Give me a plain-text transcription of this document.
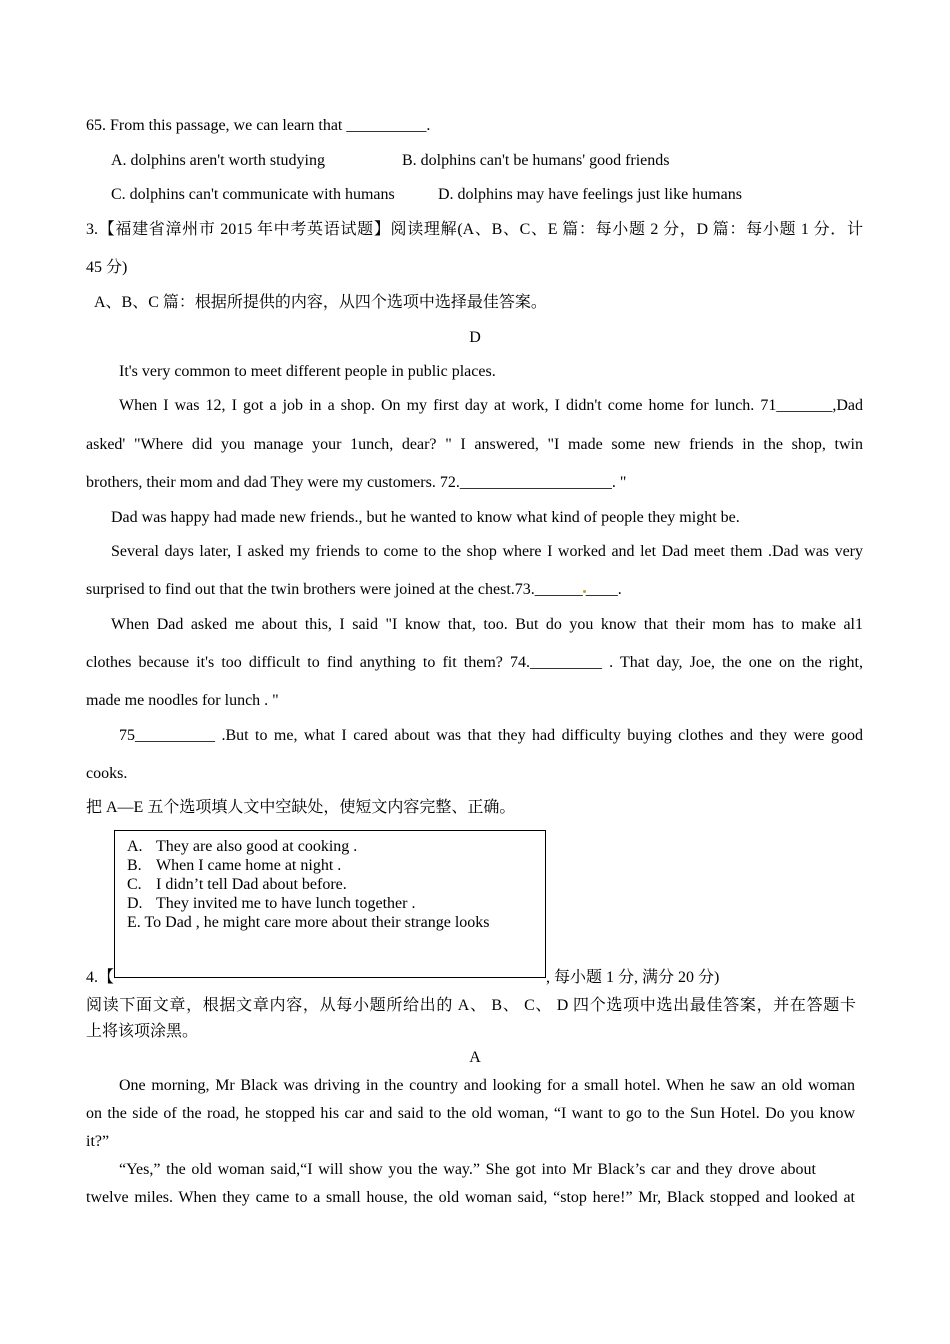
65. From this passage, we can learn that __________.
A. dolphins aren't worth studying	B. dolphins can't be humans' good friends
C. dolphins can't communicate with humans	D. dolphins may have feelings just like humans
3.【福建省漳州市 2015 年中考英语试题】阅读理解(A、B、C、E 篇：每小题 2 分，D 篇：每小题 1 分．计
45 分)
A、B、C 篇：根据所提供的内容，从四个选项中选择最佳答案。
D
It's very common to meet different people in public places.
When I was 12, I got a job in a shop. On my first day at work, I didn't come home for lunch. 71_______,Dad
asked' "Where did you manage your 1unch, dear? " I answered, "I made some new friends in the shop, twin
brothers, their mom and dad They were my customers. 72.___________________. "
Dad was happy had made new friends., but he wanted to know what kind of people they might be.
Several days later, I asked my friends to come to the shop where I worked and let Dad meet them .Dad was very
surprised to find out that the twin brothers were joined at the chest.73.______ ____.
When Dad asked me about this, I said "I know that, too. But do you know that their mom has to make al1
clothes because it's too difficult to find anything to fit them? 74._________ . That day, Joe, the one on the right,
made me noodles for lunch . "
75__________ .But to me, what I cared about was that they had difficulty buying clothes and they were good
cooks.
把 A—E 五个选项填人文中空缺处，使短文内容完整、正确。
A. They are also good at cooking .
B. When I came home at night .
C. I didn’t tell Dad about before.
D. They invited me to have lunch together .
E. To Dad , he might care more about their strange looks
4.【	, 每小题 1 分, 满分 20 分)
阅读下面文章，根据文章内容，从每小题所给出的 A、 B、 C、 D 四个选项中选出最佳答案，并在答题卡
上将该项涂黑。
A
One morning, Mr Black was driving in the country and looking for a small hotel. When he saw an old woman
on the side of the road, he stopped his car and said to the old woman, “I want to go to the Sun Hotel. Do you know
it?”
“Yes,” the old woman said,“I will show you the way.” She got into Mr Black’s car and they drove about
twelve miles. When they came to a small house, the old woman said, “stop here!” Mr, Black stopped and looked at
